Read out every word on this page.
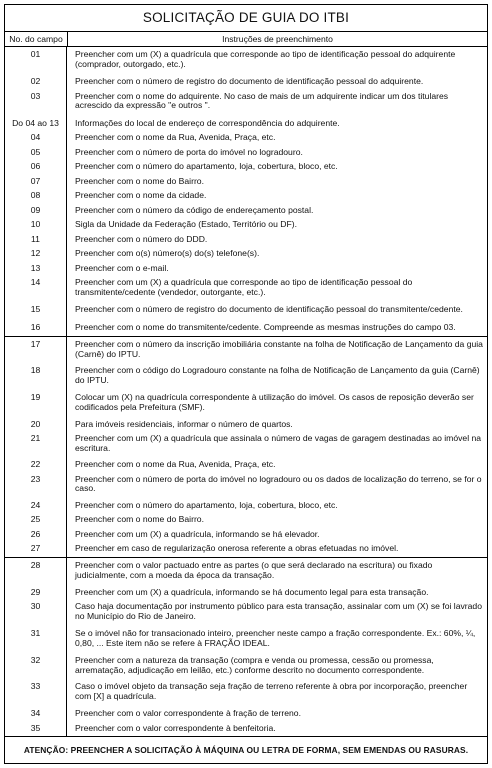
SOLICITAÇÃO DE GUIA DO ITBI
No. do campo	Instruções de preenchimento
01	Preencher com um (X) a quadrícula que corresponde ao tipo de identificação pessoal do adquirente (comprador, outorgado, etc.).
02	Preencher com o número de registro do documento de identificação pessoal do adquirente.
03	Preencher com o nome do adquirente. No caso de mais de um adquirente indicar um dos titulares acrescido da expressão "e outros ".
Do 04 ao 13	Informações do local de endereço de correspondência do adquirente.
04	Preencher com o nome da Rua, Avenida, Praça, etc.
05	Preencher com o número de porta do imóvel no logradouro.
06	Preencher com o número do apartamento, loja, cobertura, bloco, etc.
07	Preencher com o nome do Bairro.
08	Preencher com o nome da cidade.
09	Preencher com o número da código de endereçamento postal.
10	Sigla da Unidade da Federação (Estado, Território ou DF).
11	Preencher com o número do DDD.
12	Preencher com o(s) número(s) do(s) telefone(s).
13	Preencher com o e-mail.
14	Preencher com um (X) a quadrícula que corresponde ao tipo de identificação pessoal do transmitente/cedente (vendedor, outorgante, etc.).
15	Preencher com o número de registro do documento de identificação pessoal do transmitente/cedente.
16	Preencher com o nome do transmitente/cedente. Compreende as mesmas instruções do campo 03.
17	Preencher com o número da inscrição imobiliária constante na folha de Notificação de Lançamento da guia (Carnê) do IPTU.
18	Preencher com o código do Logradouro constante na folha de Notificação de Lançamento da guia (Carnê) do IPTU.
19	Colocar um (X) na quadrícula correspondente à utilização do imóvel. Os casos de reposição deverão ser codificados pela Prefeitura (SMF).
20	Para imóveis residenciais, informar o número de quartos.
21	Preencher com um (X) a quadrícula que assinala o número de vagas de garagem destinadas ao imóvel na escritura.
22	Preencher com o nome da Rua, Avenida, Praça, etc.
23	Preencher com o número de porta do imóvel no logradouro ou os dados de localização do terreno, se for o caso.
24	Preencher com o número do apartamento, loja, cobertura, bloco, etc.
25	Preencher com o nome do Bairro.
26	Preencher com um (X) a quadrícula, informando se há elevador.
27	Preencher em caso de regularização onerosa referente a obras efetuadas no imóvel.
28	Preencher com o valor pactuado entre as partes (o que será declarado na escritura) ou fixado judicialmente, com a moeda da época da transação.
29	Preencher com um (X) a quadrícula, informando se há documento legal para esta transação.
30	Caso haja documentação por instrumento público para esta transação, assinalar com um (X) se foi lavrado no Município do Rio de Janeiro.
31	Se o imóvel não for transacionado inteiro, preencher neste campo a fração correspondente. Ex.: 60%, ¼, 0,80, ... Este item não se refere à FRAÇÃO IDEAL.
32	Preencher com a natureza da transação (compra e venda ou promessa, cessão ou promessa, arrematação, adjudicação em leilão, etc.) conforme descrito no documento correspondente.
33	Caso o imóvel objeto da transação seja fração de terreno referente à obra por incorporação, preencher com [X] a quadrícula.
34	Preencher com o valor correspondente à fração de terreno.
35	Preencher com o valor correspondente à benfeitoria.
ATENÇÃO: PREENCHER A SOLICITAÇÃO À MÁQUINA OU LETRA DE FORMA, SEM EMENDAS OU RASURAS.
